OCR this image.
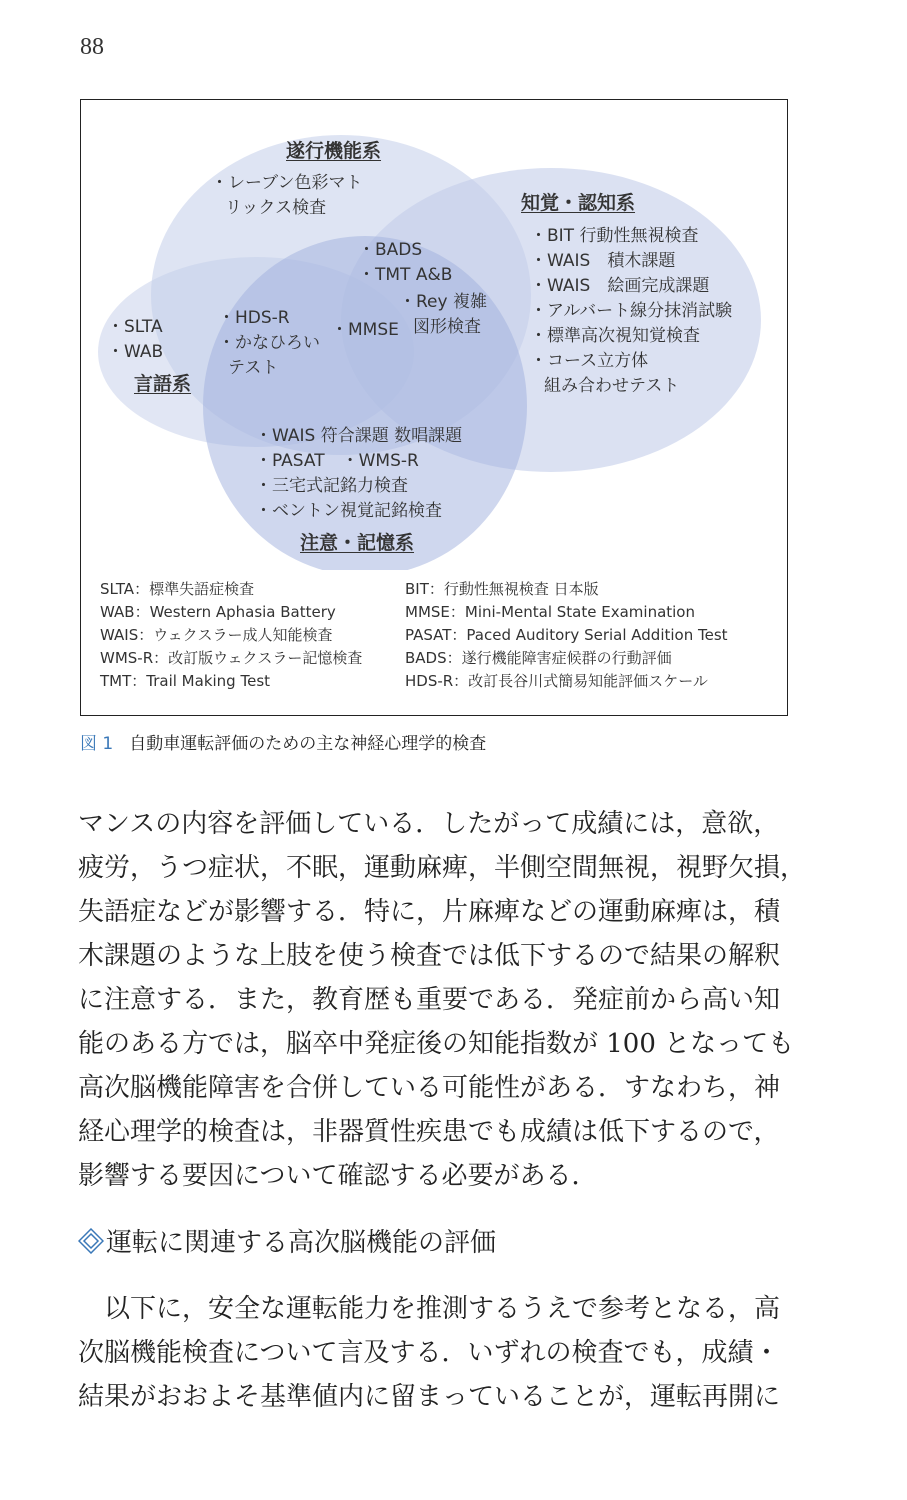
88
遂行機能系
知覚・認知系
言語系
注意・記憶系
・レーブン色彩マト
リックス検査
・BADS
・TMT A&B
・Rey 複雑
図形検査
・SLTA
・WAB
・HDS-R
・かなひろい
テスト
・MMSE
・BIT 行動性無視検査
・WAIS　積木課題
・WAIS　絵画完成課題
・アルバート線分抹消試験
・標準高次視知覚検査
・コース立方体
組み合わせテスト
・WAIS 符合課題 数唱課題
・PASAT　・WMS-R
・三宅式記銘力検査
・ベントン視覚記銘検査
SLTA：標準失語症検査
WAB：Western Aphasia Battery
WAIS：ウェクスラー成人知能検査
WMS-R：改訂版ウェクスラー記憶検査
TMT：Trail Making Test
BIT：行動性無視検査 日本版
MMSE：Mini-Mental State Examination
PASAT：Paced Auditory Serial Addition Test
BADS：遂行機能障害症候群の行動評価
HDS-R：改訂長谷川式簡易知能評価スケール
図 1 自動車運転評価のための主な神経心理学的検査
マンスの内容を評価している．したがって成績には，意欲，
疲労，うつ症状，不眠，運動麻痺，半側空間無視，視野欠損，
失語症などが影響する．特に，片麻痺などの運動麻痺は，積
木課題のような上肢を使う検査では低下するので結果の解釈
に注意する．また，教育歴も重要である．発症前から高い知
能のある方では，脳卒中発症後の知能指数が 100 となっても
高次脳機能障害を合併している可能性がある．すなわち，神
経心理学的検査は，非器質性疾患でも成績は低下するので，
影響する要因について確認する必要がある．
運転に関連する高次脳機能の評価
　以下に，安全な運転能力を推測するうえで参考となる，高
次脳機能検査について言及する．いずれの検査でも，成績・
結果がおおよそ基準値内に留まっていることが，運転再開に
